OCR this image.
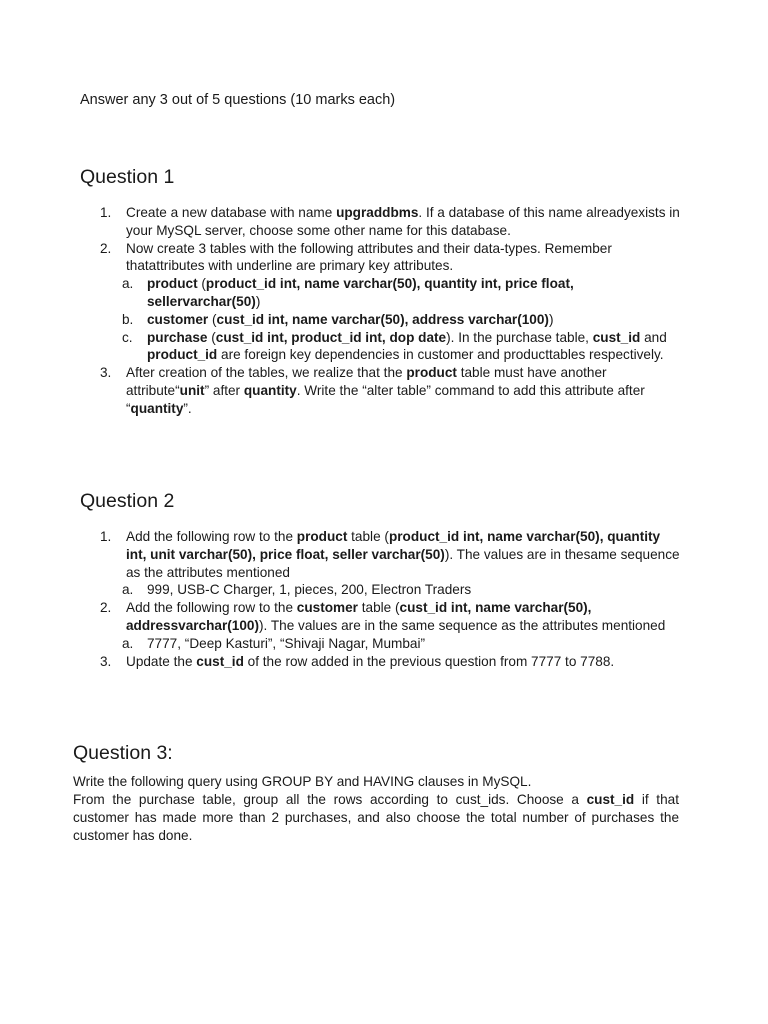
Answer any 3 out of 5 questions (10 marks each)
Question 1
1.	Create a new database with name upgraddbms. If a database of this name alreadyexists in your MySQL server, choose some other name for this database.
2.	Now create 3 tables with the following attributes and their data-types. Remember thatattributes with underline are primary key attributes.
a.	product (product_id int, name varchar(50), quantity int, price float, sellervarchar(50))
b.	customer (cust_id int, name varchar(50), address varchar(100))
c.	purchase (cust_id int, product_id int, dop date). In the purchase table, cust_id and product_id are foreign key dependencies in customer and producttables respectively.
3.	After creation of the tables, we realize that the product table must have another attribute“unit” after quantity. Write the “alter table” command to add this attribute after “quantity”.
Question 2
1.	Add the following row to the product table (product_id int, name varchar(50), quantity int, unit varchar(50), price float, seller varchar(50)). The values are in thesame sequence as the attributes mentioned
a.	999, USB-C Charger, 1, pieces, 200, Electron Traders
2.	Add the following row to the customer table (cust_id int, name varchar(50), addressvarchar(100)). The values are in the same sequence as the attributes mentioned
a.	7777, “Deep Kasturi”, “Shivaji Nagar, Mumbai”
3.	Update the cust_id of the row added in the previous question from 7777 to 7788.
Question 3:
Write the following query using GROUP BY and HAVING clauses in MySQL.
From the purchase table, group all the rows according to cust_ids. Choose a cust_id if that customer has made more than 2 purchases, and also choose the total number of purchases the customer has done.
